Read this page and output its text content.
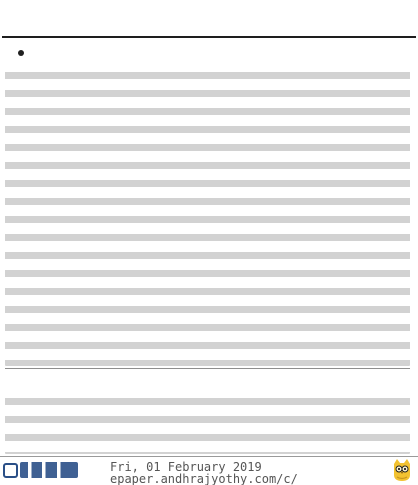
Fri, 01 February 2019
epaper.andhrajyothy.com/c/
